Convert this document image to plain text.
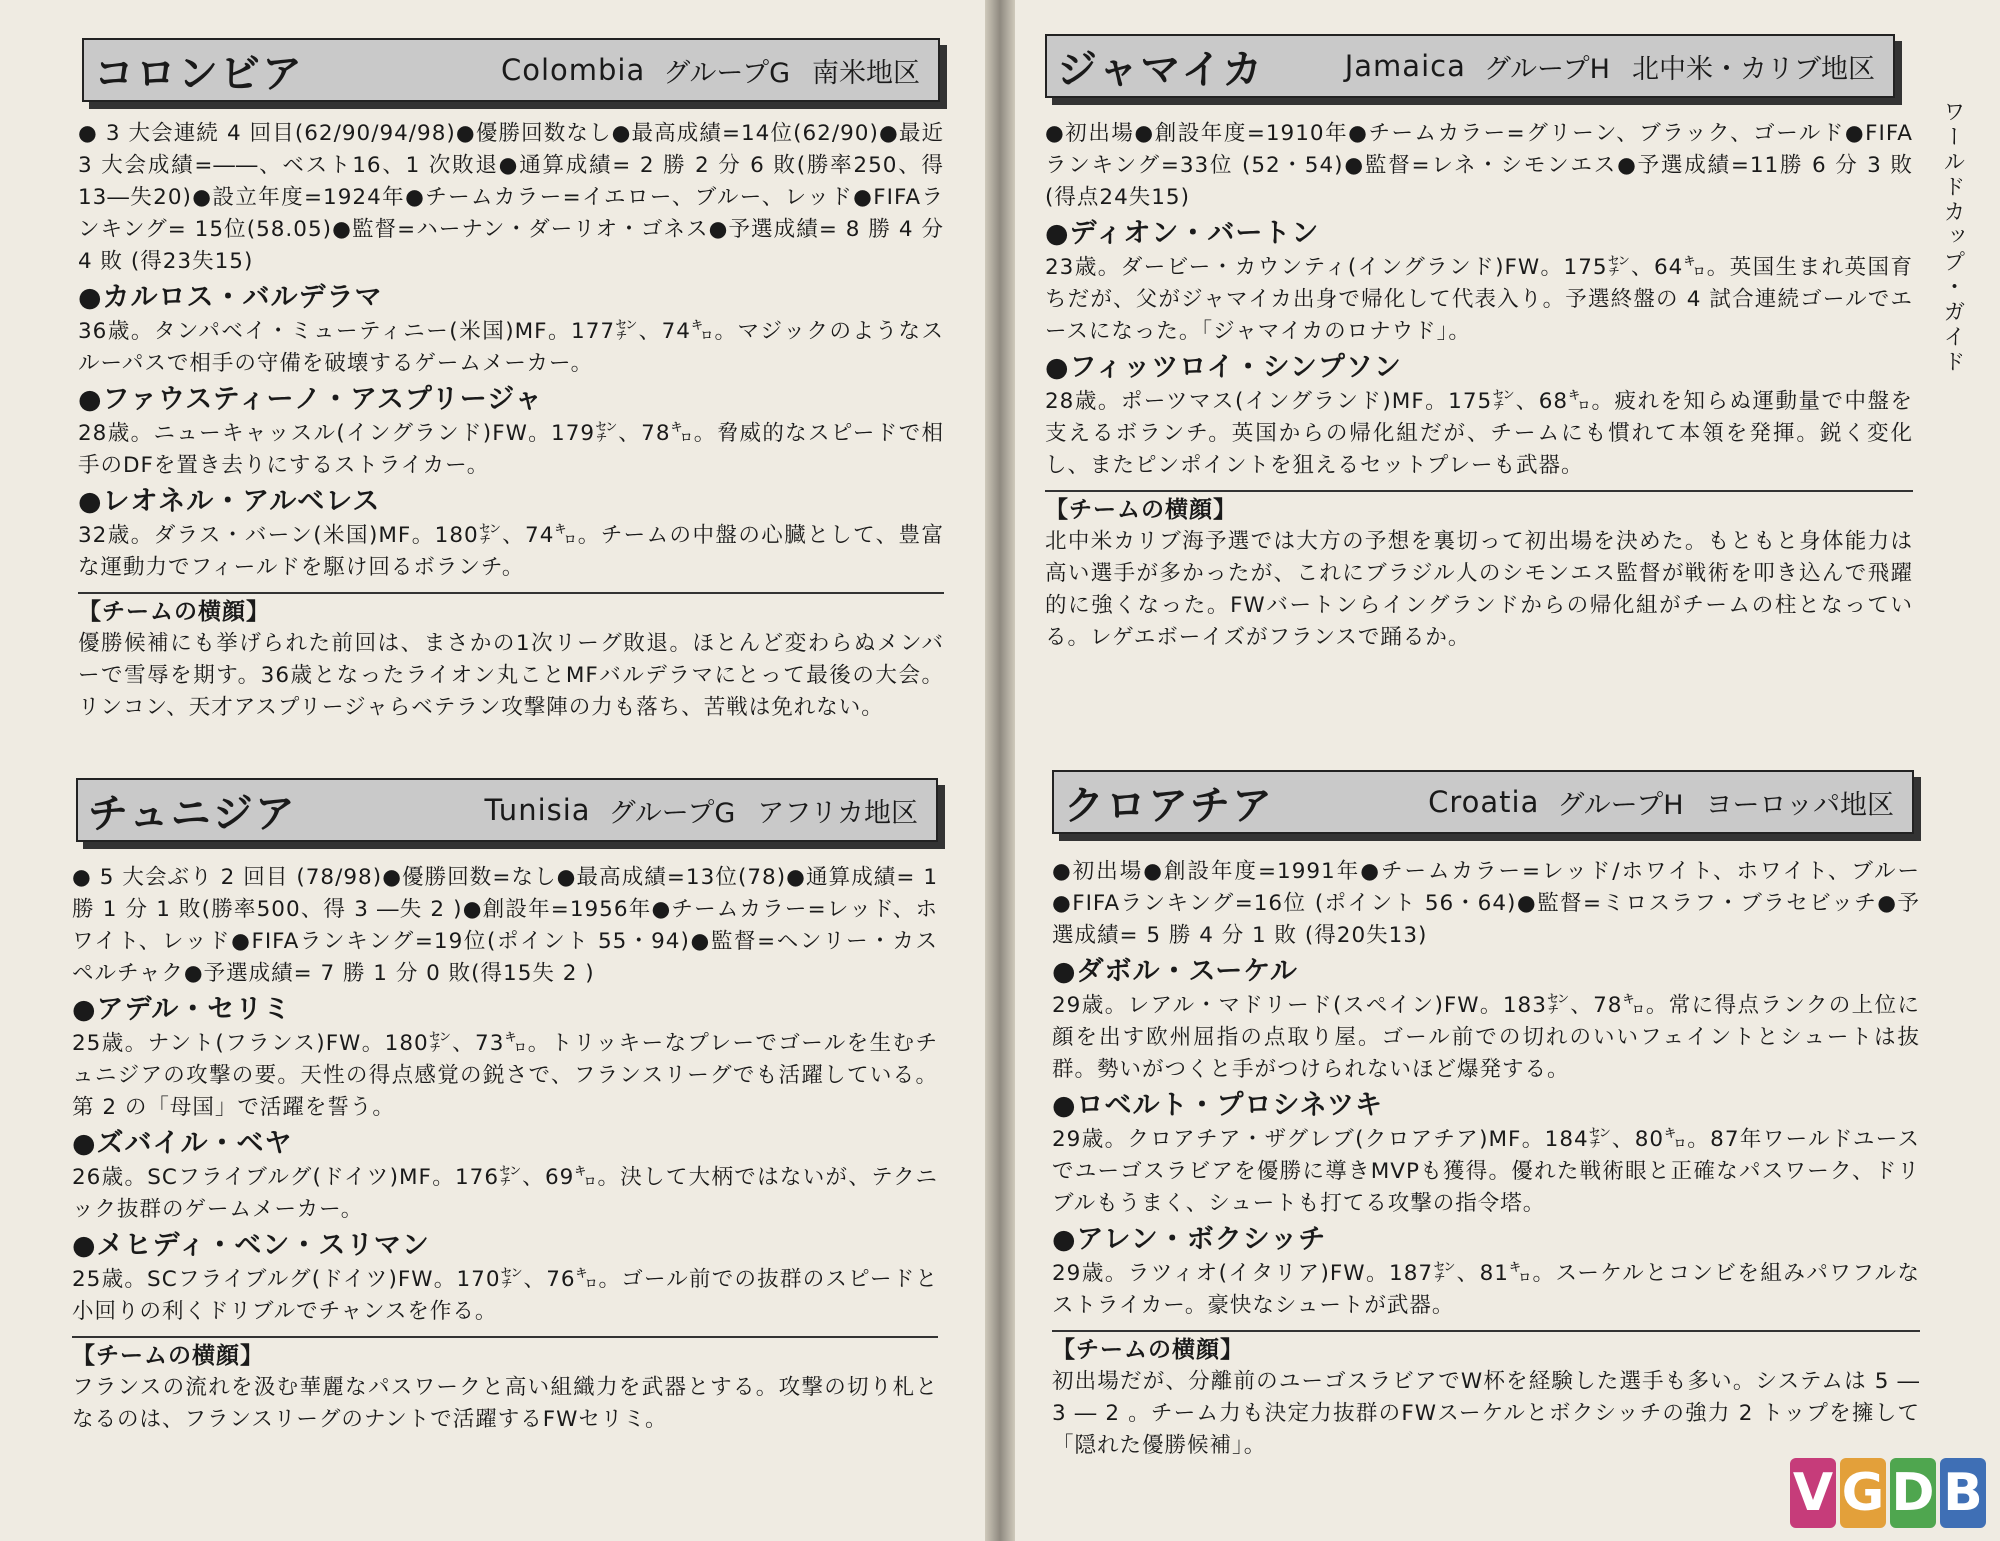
コロンビア	Colombia グループG 南米地区
● 3 大会連続 4 回目(62/90/94/98)●優勝回数なし●最高成績=14位(62/90)●最近 3 大会成績=――、ベスト16、1 次敗退●通算成績= 2 勝 2 分 6 敗(勝率250、得13―失20)●設立年度=1924年●チームカラー=イエロー、ブルー、レッド●FIFAランキング= 15位(58.05)●監督=ハーナン・ダーリオ・ゴネス●予選成績= 8 勝 4 分 4 敗 (得23失15)
●カルロス・バルデラマ
36歳。タンパベイ・ミューティニー(米国)MF。177㌢、74㌔。マジックのようなスルーパスで相手の守備を破壊するゲームメーカー。
●ファウスティーノ・アスプリージャ
28歳。ニューキャッスル(イングランド)FW。179㌢、78㌔。脅威的なスピードで相手のDFを置き去りにするストライカー。
●レオネル・アルベレス
32歳。ダラス・バーン(米国)MF。180㌢、74㌔。チームの中盤の心臓として、豊富な運動力でフィールドを駆け回るボランチ。
【チームの横顔】
優勝候補にも挙げられた前回は、まさかの1次リーグ敗退。ほとんど変わらぬメンバーで雪辱を期す。36歳となったライオン丸ことMFバルデラマにとって最後の大会。リンコン、天才アスプリージャらベテラン攻撃陣の力も落ち、苦戦は免れない。
チュニジア	Tunisia グループG アフリカ地区
● 5 大会ぶり 2 回目 (78/98)●優勝回数=なし●最高成績=13位(78)●通算成績= 1 勝 1 分 1 敗(勝率500、得 3 ―失 2 )●創設年=1956年●チームカラー=レッド、ホワイト、レッド●FIFAランキング=19位(ポイント 55・94)●監督=ヘンリー・カスペルチャク●予選成績= 7 勝 1 分 0 敗(得15失 2 )
●アデル・セリミ
25歳。ナント(フランス)FW。180㌢、73㌔。トリッキーなプレーでゴールを生むチュニジアの攻撃の要。天性の得点感覚の鋭さで、フランスリーグでも活躍している。第 2 の「母国」で活躍を誓う。
●ズバイル・ベヤ
26歳。SCフライブルグ(ドイツ)MF。176㌢、69㌔。決して大柄ではないが、テクニック抜群のゲームメーカー。
●メヒディ・ベン・スリマン
25歳。SCフライブルグ(ドイツ)FW。170㌢、76㌔。ゴール前での抜群のスピードと小回りの利くドリブルでチャンスを作る。
【チームの横顔】
フランスの流れを汲む華麗なパスワークと高い組織力を武器とする。攻撃の切り札となるのは、フランスリーグのナントで活躍するFWセリミ。
ジャマイカ	Jamaica グループH 北中米・カリブ地区
●初出場●創設年度=1910年●チームカラー=グリーン、ブラック、ゴールド●FIFAランキング=33位 (52・54)●監督=レネ・シモンエス●予選成績=11勝 6 分 3 敗 (得点24失15)
●ディオン・バートン
23歳。ダービー・カウンティ(イングランド)FW。175㌢、64㌔。英国生まれ英国育ちだが、父がジャマイカ出身で帰化して代表入り。予選終盤の 4 試合連続ゴールでエースになった。「ジャマイカのロナウド」。
●フィッツロイ・シンプソン
28歳。ポーツマス(イングランド)MF。175㌢、68㌔。疲れを知らぬ運動量で中盤を支えるボランチ。英国からの帰化組だが、チームにも慣れて本領を発揮。鋭く変化し、またピンポイントを狙えるセットプレーも武器。
【チームの横顔】
北中米カリブ海予選では大方の予想を裏切って初出場を決めた。もともと身体能力は高い選手が多かったが、これにブラジル人のシモンエス監督が戦術を叩き込んで飛躍的に強くなった。FWバートンらイングランドからの帰化組がチームの柱となっている。レゲエボーイズがフランスで踊るか。
クロアチア	Croatia グループH ヨーロッパ地区
●初出場●創設年度=1991年●チームカラー=レッド/ホワイト、ホワイト、ブルー●FIFAランキング=16位 (ポイント 56・64)●監督=ミロスラフ・ブラセビッチ●予選成績= 5 勝 4 分 1 敗 (得20失13)
●ダボル・スーケル
29歳。レアル・マドリード(スペイン)FW。183㌢、78㌔。常に得点ランクの上位に顔を出す欧州屈指の点取り屋。ゴール前での切れのいいフェイントとシュートは抜群。勢いがつくと手がつけられないほど爆発する。
●ロベルト・プロシネツキ
29歳。クロアチア・ザグレブ(クロアチア)MF。184㌢、80㌔。87年ワールドユースでユーゴスラビアを優勝に導きMVPも獲得。優れた戦術眼と正確なパスワーク、ドリブルもうまく、シュートも打てる攻撃の指令塔。
●アレン・ボクシッチ
29歳。ラツィオ(イタリア)FW。187㌢、81㌔。スーケルとコンビを組みパワフルなストライカー。豪快なシュートが武器。
【チームの横顔】
初出場だが、分離前のユーゴスラビアでW杯を経験した選手も多い。システムは 5 ― 3 ― 2 。チーム力も決定力抜群のFWスーケルとボクシッチの強力 2 トップを擁して「隠れた優勝候補」。
ワールドカップ・ガイド
V G D B
